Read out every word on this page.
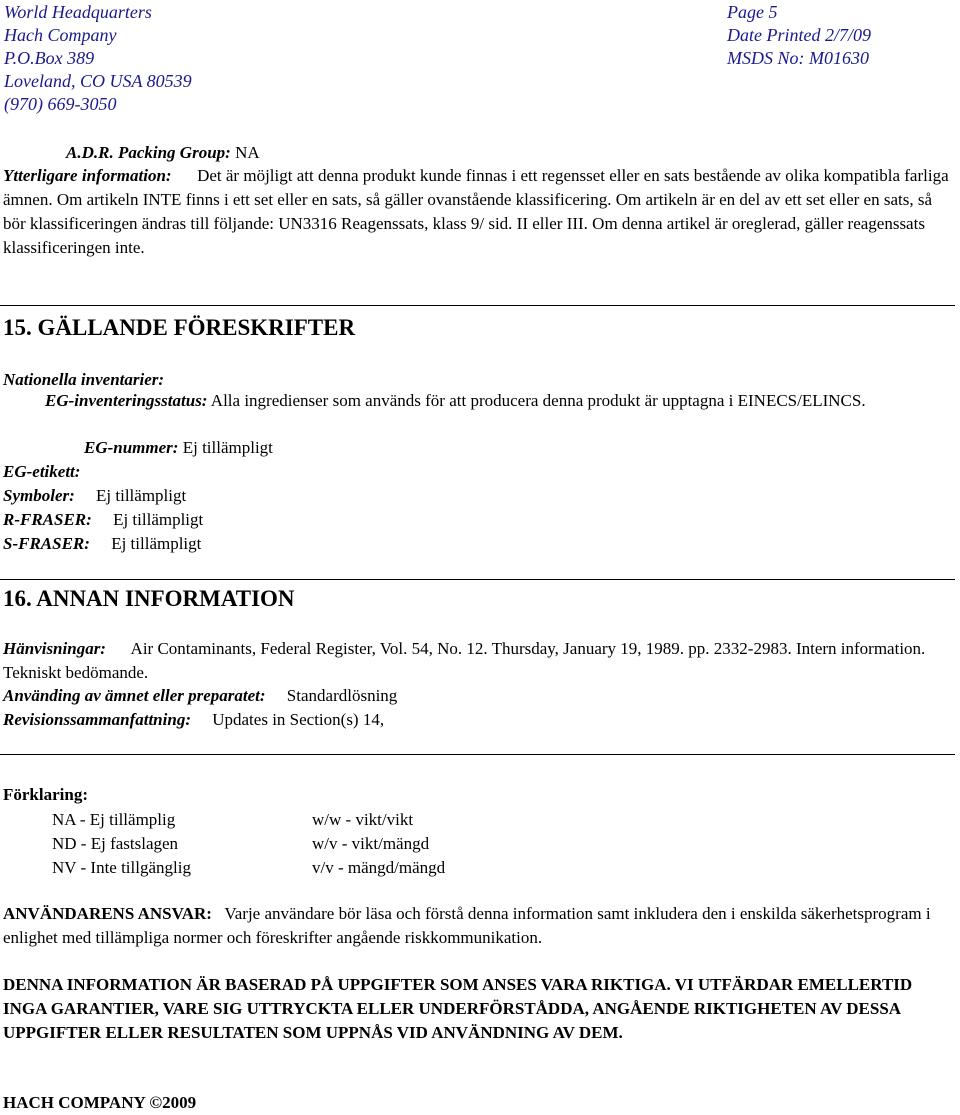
World Headquarters
Hach Company
P.O.Box 389
Loveland, CO USA 80539
(970) 669-3050
Page 5
Date Printed 2/7/09
MSDS No: M01630
A.D.R. Packing Group: NA
Ytterligare information: Det är möjligt att denna produkt kunde finnas i ett regensset eller en sats bestående av olika kompatibla farliga ämnen. Om artikeln INTE finns i ett set eller en sats, så gäller ovanstående klassificering. Om artikeln är en del av ett set eller en sats, så bör klassificeringen ändras till följande: UN3316 Reagenssats, klass 9/ sid. II eller III. Om denna artikel är oreglerad, gäller reagenssats klassificeringen inte.
15. GÄLLANDE FÖRESKRIFTER
Nationella inventarier:
EG-inventeringsstatus: Alla ingredienser som används för att producera denna produkt är upptagna i EINECS/ELINCS.
EG-nummer: Ej tillämpligt
EG-etikett:
Symboler: Ej tillämpligt
R-FRASER: Ej tillämpligt
S-FRASER: Ej tillämpligt
16. ANNAN INFORMATION
Hänvisningar: Air Contaminants, Federal Register, Vol. 54, No. 12. Thursday, January 19, 1989. pp. 2332-2983. Intern information. Tekniskt bedömande.
Använding av ämnet eller preparatet: Standardlösning
Revisionssammanfattning: Updates in Section(s) 14,
Förklaring:
NA - Ej tillämplig
ND - Ej fastslagen
NV - Inte tillgänglig
w/w - vikt/vikt
w/v - vikt/mängd
v/v - mängd/mängd
ANVÄNDARENS ANSVAR: Varje användare bör läsa och förstå denna information samt inkludera den i enskilda säkerhetsprogram i enlighet med tillämpliga normer och föreskrifter angående riskkommunikation.
DENNA INFORMATION ÄR BASERAD PÅ UPPGIFTER SOM ANSES VARA RIKTIGA. VI UTFÄRDAR EMELLERTID INGA GARANTIER, VARE SIG UTTRYCKTA ELLER UNDERFÖRSTÅDDA, ANGÅENDE RIKTIGHETEN AV DESSA UPPGIFTER ELLER RESULTATEN SOM UPPNÅS VID ANVÄNDNING AV DEM.
HACH COMPANY ©2009
